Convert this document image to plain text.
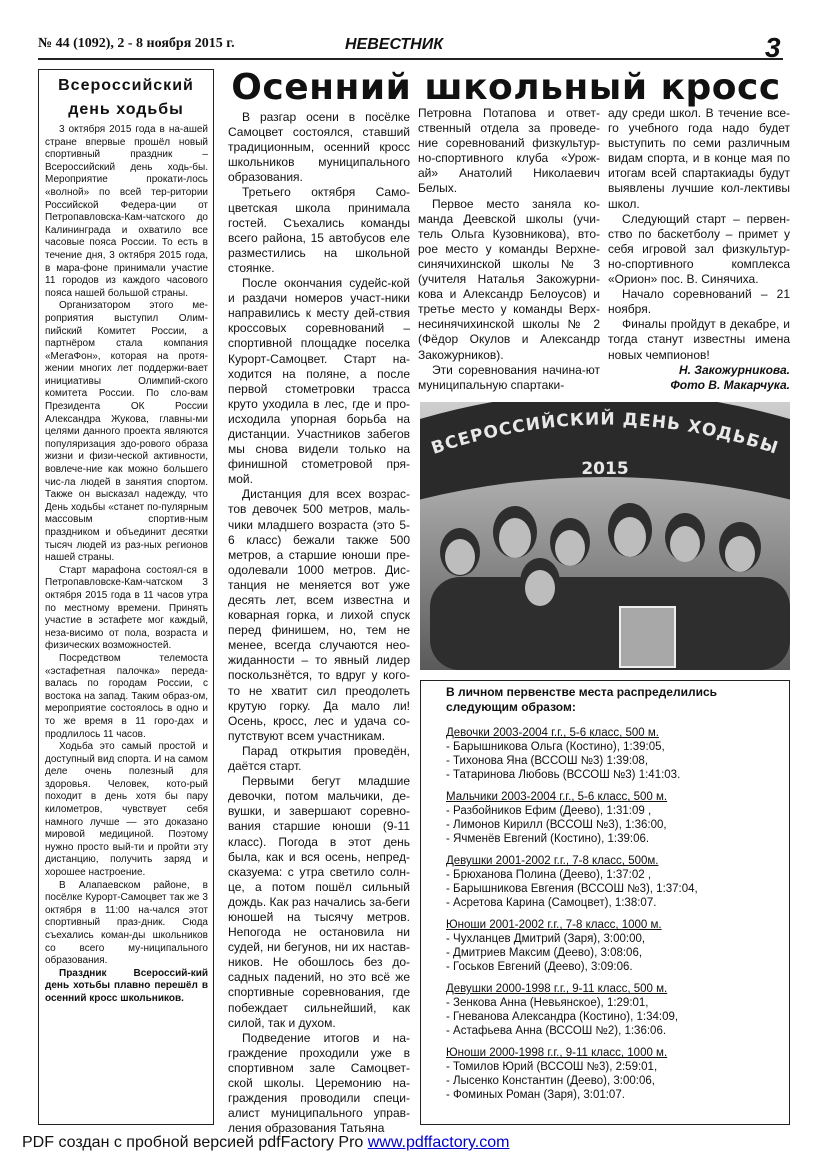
№ 44 (1092), 2 - 8 ноября 2015 г.	НЕВЕСТНИК	3
Всероссийский
день ходьбы

3 октября 2015 года в на-ашей стране впервые прошёл новый спортивный праздник – Всероссийский день ходь-бы. Мероприятие прокати-лось «волной» по всей тер-ритории Российской Федера-ции от Петропавловска-Кам-чатского до Калининграда и охватило все часовые пояса России. То есть в течение дня, 3 октября 2015 года, в мара-фоне принимали участие 11 городов из каждого часового пояса нашей большой страны.

Организатором этого ме-роприятия выступил Олим-пийский Комитет России, а партнёром стала компания «МегаФон», которая на протя-жении многих лет поддержи-вает инициативы Олимпий-ского комитета России. По сло-вам Президента ОК России Александра Жукова, главны-ми целями данного проекта являются популяризация здо-рового образа жизни и физи-ческой активности, вовлече-ние как можно большего чис-ла людей в занятия спортом. Также он высказал надежду, что День ходьбы «станет по-пулярным массовым спортив-ным праздником и объединит десятки тысяч людей из раз-ных регионов нашей страны.

Старт марафона состоял-ся в Петропавловске-Кам-чатском 3 октября 2015 года в 11 часов утра по местному времени. Принять участие в эстафете мог каждый, неза-висимо от пола, возраста и физических возможностей.

Посредством телемоста «эстафетная палочка» переда-валась по городам России, с востока на запад. Таким образ-ом, мероприятие состоялось в одно и то же время в 11 горо-дах и продлилось 11 часов.

Ходьба это самый простой и доступный вид спорта. И на самом деле очень полезный для здоровья. Человек, кото-рый походит в день хотя бы пару километров, чувствует себя намного лучше — это доказано мировой медициной. Поэтому нужно просто вый-ти и пройти эту дистанцию, получить заряд и хорошее настроение.

В Алапаевском районе, в посёлке Курорт-Самоцвет так же 3 октября в 11:00 на-чался этот спортивный праз-дник. Сюда съехались коман-ды школьников со всего му-ниципального образования.

Праздник Всероссий-кий день хотьбы плавно перешёл в осенний кросс школьников.

Осенний школьный кросс

В разгар осени в посёлке Самоцвет состоялся, ставший традиционным, осенний кросс школьников муниципального образования.

Третьего октября Само-цветская школа принимала гостей. Съехались команды всего района, 15 автобусов еле разместились на школьной стоянке.

После окончания судейс-кой и раздачи номеров участ-ники направились к месту дей-ствия кроссовых соревнований – спортивной площадке поселка Курорт-Самоцвет. Старт на-ходится на поляне, а после первой стометровки трасса круто уходила в лес, где и про-исходила упорная борьба на дистанции. Участников забегов мы снова видели только на финишной стометровой пря-мой.

Дистанция для всех возрас-тов девочек 500 метров, маль-чики младшего возраста (это 5-6 класс) бежали также 500 метров, а старшие юноши пре-одолевали 1000 метров. Дис-танция не меняется вот уже десять лет, всем известна и коварная горка, и лихой спуск перед финишем, но, тем не менее, всегда случаются нео-жиданности – то явный лидер поскользнётся, то вдруг у кого-то не хватит сил преодолеть крутую горку. Да мало ли! Осень, кросс, лес и удача со-путствуют всем участникам.

Парад открытия проведён, даётся старт.

Первыми бегут младшие девочки, потом мальчики, де-вушки, и завершают соревно-вания старшие юноши (9-11 класс). Погода в этот день была, как и вся осень, непред-сказуема: с утра светило солн-це, а потом пошёл сильный дождь. Как раз начались за-беги юношей на тысячу метров. Непогода не остановила ни судей, ни бегунов, ни их настав-ников. Не обошлось без до-садных падений, но это всё же спортивные соревнования, где побеждает сильнейший, как силой, так и духом.

Подведение итогов и на-граждение проходили уже в спортивном зале Самоцвет-ской школы. Церемонию на-граждения проводили специ-алист муниципального управ-ления образования Татьяна

Петровна Потапова и ответ-ственный отдела за проведе-ние соревнований физкультур-но-спортивного клуба «Урож-ай» Анатолий Николаевич Белых.

Первое место заняла ко-манда Деевской школы (учи-тель Ольга Кузовникова), вто-рое место у команды Верхне-синячихинской школы № 3 (учителя Наталья Закожурни-кова и Александр Белоусов) и третье место у команды Верх-несинячихинской школы № 2 (Фёдор Окулов и Александр Закожурников).

Эти соревнования начина-ют муниципальную спартаки-

аду среди школ. В течение все-го учебного года надо будет выступить по семи различным видам спорта, и в конце мая по итогам всей спартакиады будут выявлены лучшие кол-лективы школ.

Следующий старт – первен-ство по баскетболу – примет у себя игровой зал физкультур-но-спортивного комплекса «Орион» пос. В. Синячиха.

Начало соревнований – 21 ноября.

Финалы пройдут в декабре, и тогда станут известны имена новых чемпионов!

Н. Закожурникова.
Фото В. Макарчука.
ВСЕРОССИЙСКИЙ ДЕНЬ ХОДЬБЫ
2015
В личном первенстве места распределились следующим образом:
Девочки 2003-2004 г.г., 5-6 класс, 500 м.
- Барышникова Ольга (Костино), 1:39:05,
- Тихонова Яна (ВССОШ №3) 1:39:08,
- Татаринова Любовь (ВССОШ №3) 1:41:03.
Мальчики 2003-2004 г.г., 5-6 класс, 500 м.
- Разбойников Ефим (Деево), 1:31:09 ,
- Лимонов Кирилл (ВССОШ №3), 1:36:00,
- Ячменёв Евгений (Костино), 1:39:06.
Девушки 2001-2002 г.г., 7-8 класс, 500м.
- Брюханова Полина (Деево), 1:37:02 ,
- Барышникова Евгения (ВССОШ №3), 1:37:04,
- Асретова Карина (Самоцвет), 1:38:07.
Юноши 2001-2002 г.г., 7-8 класс, 1000 м.
- Чухланцев Дмитрий (Заря), 3:00:00,
- Дмитриев Максим (Деево), 3:08:06,
- Госьков Евгений (Деево), 3:09:06.
Девушки 2000-1998 г.г., 9-11 класс, 500 м.
- Зенкова Анна (Невьянское), 1:29:01,
- Гневанова Александра (Костино), 1:34:09,
- Астафьева Анна (ВССОШ №2), 1:36:06.
Юноши 2000-1998 г.г., 9-11 класс, 1000 м.
- Томилов Юрий (ВССОШ №3), 2:59:01,
- Лысенко Константин (Деево), 3:00:06,
- Фоминых Роман (Заря), 3:01:07.
PDF создан с пробной версией pdfFactory Pro www.pdffactory.com
